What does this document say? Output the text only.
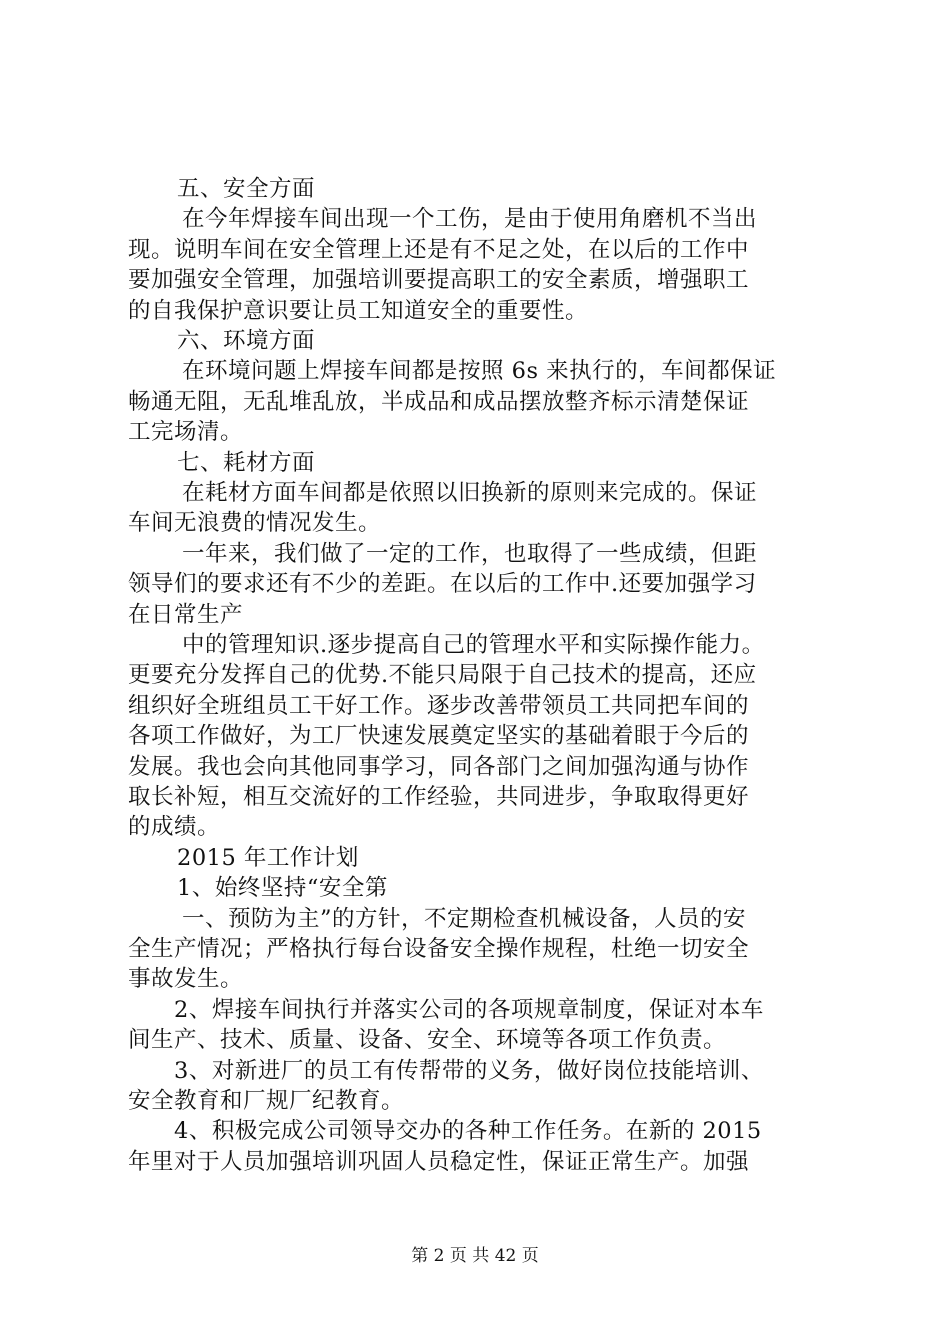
五、安全方面
在今年焊接车间出现一个工伤，是由于使用角磨机不当出
现。说明车间在安全管理上还是有不足之处，在以后的工作中
要加强安全管理，加强培训要提高职工的安全素质，增强职工
的自我保护意识要让员工知道安全的重要性。
六、环境方面
在环境问题上焊接车间都是按照 6s 来执行的，车间都保证
畅通无阻，无乱堆乱放，半成品和成品摆放整齐标示清楚保证
工完场清。
七、耗材方面
在耗材方面车间都是依照以旧换新的原则来完成的。保证
车间无浪费的情况发生。
一年来，我们做了一定的工作，也取得了一些成绩，但距
领导们的要求还有不少的差距。在以后的工作中.还要加强学习
在日常生产
中的管理知识.逐步提高自己的管理水平和实际操作能力。
更要充分发挥自己的优势.不能只局限于自己技术的提高，还应
组织好全班组员工干好工作。逐步改善带领员工共同把车间的
各项工作做好，为工厂快速发展奠定坚实的基础着眼于今后的
发展。我也会向其他同事学习，同各部门之间加强沟通与协作
取长补短，相互交流好的工作经验，共同进步，争取取得更好
的成绩。
2015 年工作计划
1、始终坚持“安全第
一、预防为主”的方针，不定期检查机械设备，人员的安
全生产情况；严格执行每台设备安全操作规程，杜绝一切安全
事故发生。
2、焊接车间执行并落实公司的各项规章制度，保证对本车
间生产、技术、质量、设备、安全、环境等各项工作负责。
3、对新进厂的员工有传帮带的义务，做好岗位技能培训、
安全教育和厂规厂纪教育。
4、积极完成公司领导交办的各种工作任务。在新的 2015
年里对于人员加强培训巩固人员稳定性，保证正常生产。加强
第 2 页 共 42 页
